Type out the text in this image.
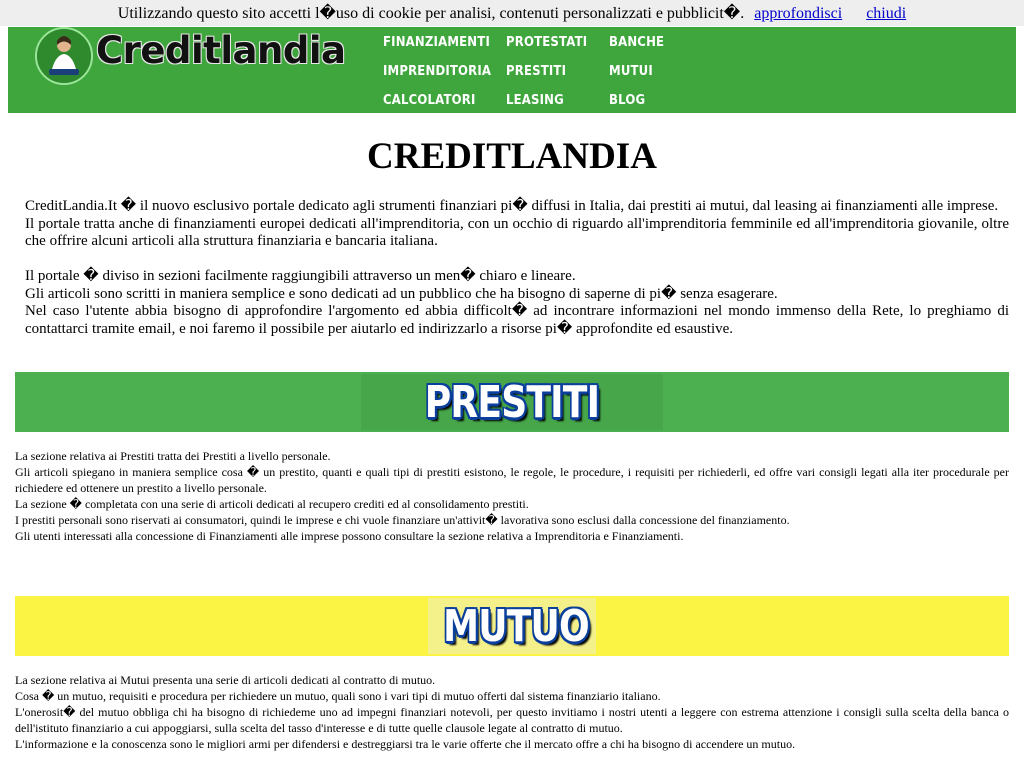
Utilizzando questo sito accetti l�uso di cookie per analisi, contenuti personalizzati e pubblicit�. approfondisci chiudi
Creditlandia	FINANZIAMENTI PROTESTATI BANCHE
IMPRENDITORIA PRESTITI	MUTUI
CALCOLATORI LEASING	BLOG
CREDITLANDIA

CreditLandia.It � il nuovo esclusivo portale dedicato agli strumenti finanziari pi� diffusi in Italia, dai prestiti ai mutui, dal leasing ai finanziamenti alle imprese.

Il portale tratta anche di finanziamenti europei dedicati all'imprenditoria, con un occhio di riguardo all'imprenditoria femminile ed all'imprenditoria giovanile, oltre che offrire alcuni articoli alla struttura finanziaria e bancaria italiana.

Il portale � diviso in sezioni facilmente raggiungibili attraverso un men� chiaro e lineare.

Gli articoli sono scritti in maniera semplice e sono dedicati ad un pubblico che ha bisogno di saperne di pi� senza esagerare.

Nel caso l'utente abbia bisogno di approfondire l'argomento ed abbia difficolt� ad incontrare informazioni nel mondo immenso della Rete, lo preghiamo di contattarci tramite email, e noi faremo il possibile per aiutarlo ed indirizzarlo a risorse pi� approfondite ed esaustive.

PRESTITI

La sezione relativa ai Prestiti tratta dei Prestiti a livello personale.

Gli articoli spiegano in maniera semplice cosa � un prestito, quanti e quali tipi di prestiti esistono, le regole, le procedure, i requisiti per richiederli, ed offre vari consigli legati alla iter procedurale per richiedere ed ottenere un prestito a livello personale.

La sezione � completata con una serie di articoli dedicati al recupero crediti ed al consolidamento prestiti.

I prestiti personali sono riservati ai consumatori, quindi le imprese e chi vuole finanziare un'attivit� lavorativa sono esclusi dalla concessione del finanziamento.

Gli utenti interessati alla concessione di Finanziamenti alle imprese possono consultare la sezione relativa a Imprenditoria e Finanziamenti.

MUTUO

La sezione relativa ai Mutui presenta una serie di articoli dedicati al contratto di mutuo.

Cosa � un mutuo, requisiti e procedura per richiedere un mutuo, quali sono i vari tipi di mutuo offerti dal sistema finanziario italiano.

L'onerosit� del mutuo obbliga chi ha bisogno di richiedeme uno ad impegni finanziari notevoli, per questo invitiamo i nostri utenti a leggere con estrema attenzione i consigli sulla scelta della banca o dell'istituto finanziario a cui appoggiarsi, sulla scelta del tasso d'interesse e di tutte quelle clausole legate al contratto di mutuo.

L'informazione e la conoscenza sono le migliori armi per difendersi e destreggiarsi tra le varie offerte che il mercato offre a chi ha bisogno di accendere un mutuo.
